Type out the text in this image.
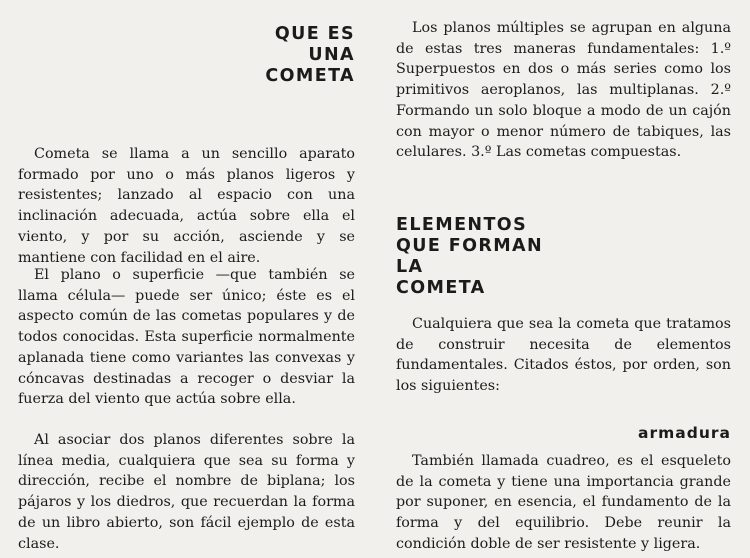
QUE ES
UNA
COMETA

Cometa se llama a un sencillo aparato formado por uno o más planos ligeros y resistentes; lanzado al espacio con una inclinación adecuada, actúa sobre ella el viento, y por su acción, asciende y se mantiene con facilidad en el aire.

El plano o superficie —que también se llama célula— puede ser único; éste es el aspecto común de las cometas populares y de todos conocidas. Esta superficie normalmente aplanada tiene como variantes las convexas y cóncavas destinadas a recoger o desviar la fuerza del viento que actúa sobre ella.

Al asociar dos planos diferentes sobre la línea media, cualquiera que sea su forma y dirección, recibe el nombre de biplana; los pájaros y los diedros, que recuerdan la forma de un libro abierto, son fácil ejemplo de esta clase.

Los planos múltiples se agrupan en alguna de estas tres maneras fundamentales: 1.º Superpuestos en dos o más series como los primitivos aeroplanos, las multiplanas. 2.º Formando un solo bloque a modo de un cajón con mayor o menor número de tabiques, las celulares. 3.º Las cometas compuestas.

ELEMENTOS
QUE FORMAN
LA
COMETA

Cualquiera que sea la cometa que tratamos de construir necesita de elementos fundamentales. Citados éstos, por orden, son los siguientes:

armadura

También llamada cuadreo, es el esqueleto de la cometa y tiene una importancia grande por suponer, en esencia, el fundamento de la forma y del equilibrio. Debe reunir la condición doble de ser resistente y ligera.
